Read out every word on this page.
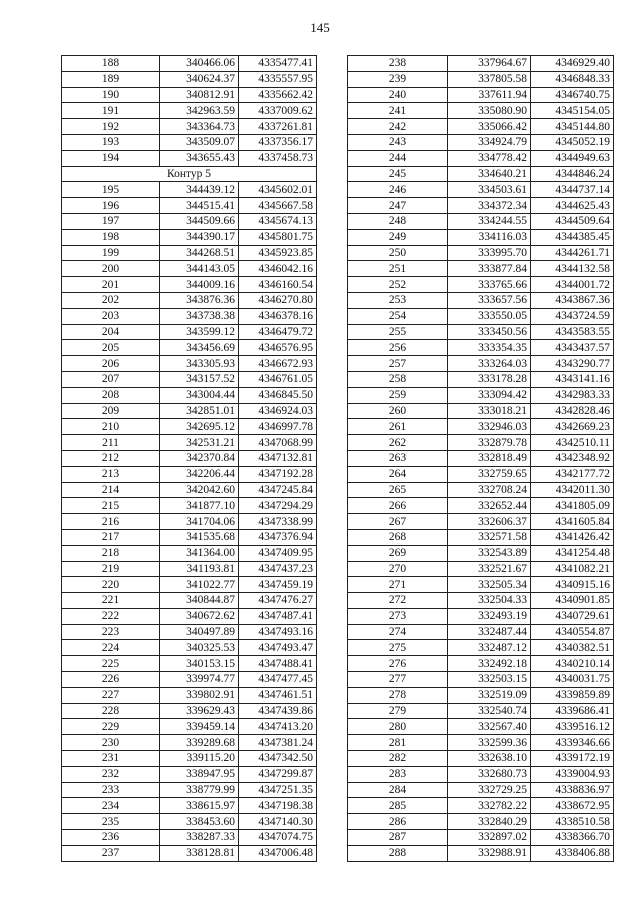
145
188	340466.06	4335477.41
189	340624.37	4335557.95
190	340812.91	4335662.42
191	342963.59	4337009.62
192	343364.73	4337261.81
193	343509.07	4337356.17
194	343655.43	4337458.73
Контур 5		
195	344439.12	4345602.01
196	344515.41	4345667.58
197	344509.66	4345674.13
198	344390.17	4345801.75
199	344268.51	4345923.85
200	344143.05	4346042.16
201	344009.16	4346160.54
202	343876.36	4346270.80
203	343738.38	4346378.16
204	343599.12	4346479.72
205	343456.69	4346576.95
206	343305.93	4346672.93
207	343157.52	4346761.05
208	343004.44	4346845.50
209	342851.01	4346924.03
210	342695.12	4346997.78
211	342531.21	4347068.99
212	342370.84	4347132.81
213	342206.44	4347192.28
214	342042.60	4347245.84
215	341877.10	4347294.29
216	341704.06	4347338.99
217	341535.68	4347376.94
218	341364.00	4347409.95
219	341193.81	4347437.23
220	341022.77	4347459.19
221	340844.87	4347476.27
222	340672.62	4347487.41
223	340497.89	4347493.16
224	340325.53	4347493.47
225	340153.15	4347488.41
226	339974.77	4347477.45
227	339802.91	4347461.51
228	339629.43	4347439.86
229	339459.14	4347413.20
230	339289.68	4347381.24
231	339115.20	4347342.50
232	338947.95	4347299.87
233	338779.99	4347251.35
234	338615.97	4347198.38
235	338453.60	4347140.30
236	338287.33	4347074.75
237	338128.81	4347006.48
238	337964.67	4346929.40
239	337805.58	4346848.33
240	337611.94	4346740.75
241	335080.90	4345154.05
242	335066.42	4345144.80
243	334924.79	4345052.19
244	334778.42	4344949.63
245	334640.21	4344846.24
246	334503.61	4344737.14
247	334372.34	4344625.43
248	334244.55	4344509.64
249	334116.03	4344385.45
250	333995.70	4344261.71
251	333877.84	4344132.58
252	333765.66	4344001.72
253	333657.56	4343867.36
254	333550.05	4343724.59
255	333450.56	4343583.55
256	333354.35	4343437.57
257	333264.03	4343290.77
258	333178.28	4343141.16
259	333094.42	4342983.33
260	333018.21	4342828.46
261	332946.03	4342669.23
262	332879.78	4342510.11
263	332818.49	4342348.92
264	332759.65	4342177.72
265	332708.24	4342011.30
266	332652.44	4341805.09
267	332606.37	4341605.84
268	332571.58	4341426.42
269	332543.89	4341254.48
270	332521.67	4341082.21
271	332505.34	4340915.16
272	332504.33	4340901.85
273	332493.19	4340729.61
274	332487.44	4340554.87
275	332487.12	4340382.51
276	332492.18	4340210.14
277	332503.15	4340031.75
278	332519.09	4339859.89
279	332540.74	4339686.41
280	332567.40	4339516.12
281	332599.36	4339346.66
282	332638.10	4339172.19
283	332680.73	4339004.93
284	332729.25	4338836.97
285	332782.22	4338672.95
286	332840.29	4338510.58
287	332897.02	4338366.70
288	332988.91	4338406.88
